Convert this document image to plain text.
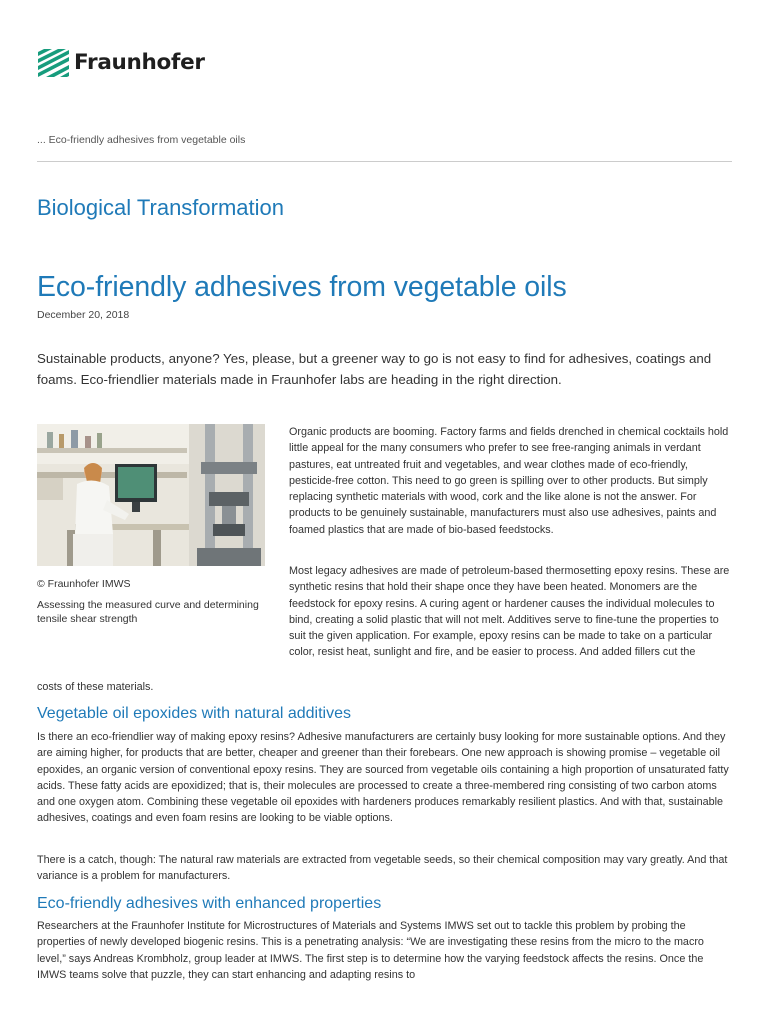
Fraunhofer
... Eco-friendly adhesives from vegetable oils
Biological Transformation
Eco-friendly adhesives from vegetable oils
December 20, 2018

Sustainable products, anyone? Yes, please, but a greener way to go is not easy to find for adhesives, coatings and foams. Eco-friendlier materials made in Fraunhofer labs are heading in the right direction.

© Fraunhofer IMWS
Assessing the measured curve and determining tensile shear strength

Organic products are booming. Factory farms and fields drenched in chemical cocktails hold little appeal for the many consumers who prefer to see free-ranging animals in verdant pastures, eat untreated fruit and vegetables, and wear clothes made of eco-friendly, pesticide-free cotton. This need to go green is spilling over to other products. But simply replacing synthetic materials with wood, cork and the like alone is not the answer. For products to be genuinely sustainable, manufacturers must also use adhesives, paints and foamed plastics that are made of bio-based feedstocks.

Most legacy adhesives are made of petroleum-based thermosetting epoxy resins. These are synthetic resins that hold their shape once they have been heated. Monomers are the feedstock for epoxy resins. A curing agent or hardener causes the individual molecules to bind, creating a solid plastic that will not melt. Additives serve to fine-tune the properties to suit the given application. For example, epoxy resins can be made to take on a particular color, resist heat, sunlight and fire, and be easier to process. And added fillers cut the

costs of these materials.

Vegetable oil epoxides with natural additives

Is there an eco-friendlier way of making epoxy resins? Adhesive manufacturers are certainly busy looking for more sustainable options. And they are aiming higher, for products that are better, cheaper and greener than their forebears. One new approach is showing promise – vegetable oil epoxides, an organic version of conventional epoxy resins. They are sourced from vegetable oils containing a high proportion of unsaturated fatty acids. These fatty acids are epoxidized; that is, their molecules are processed to create a three-membered ring consisting of two carbon atoms and one oxygen atom. Combining these vegetable oil epoxides with hardeners produces remarkably resilient plastics. And with that, sustainable adhesives, coatings and even foam resins are looking to be viable options.

There is a catch, though: The natural raw materials are extracted from vegetable seeds, so their chemical composition may vary greatly. And that variance is a problem for manufacturers.

Eco-friendly adhesives with enhanced properties

Researchers at the Fraunhofer Institute for Microstructures of Materials and Systems IMWS set out to tackle this problem by probing the properties of newly developed biogenic resins. This is a penetrating analysis: “We are investigating these resins from the micro to the macro level,” says Andreas Krombholz, group leader at IMWS. The first step is to determine how the varying feedstock affects the resins. Once the IMWS teams solve that puzzle, they can start enhancing and adapting resins to
